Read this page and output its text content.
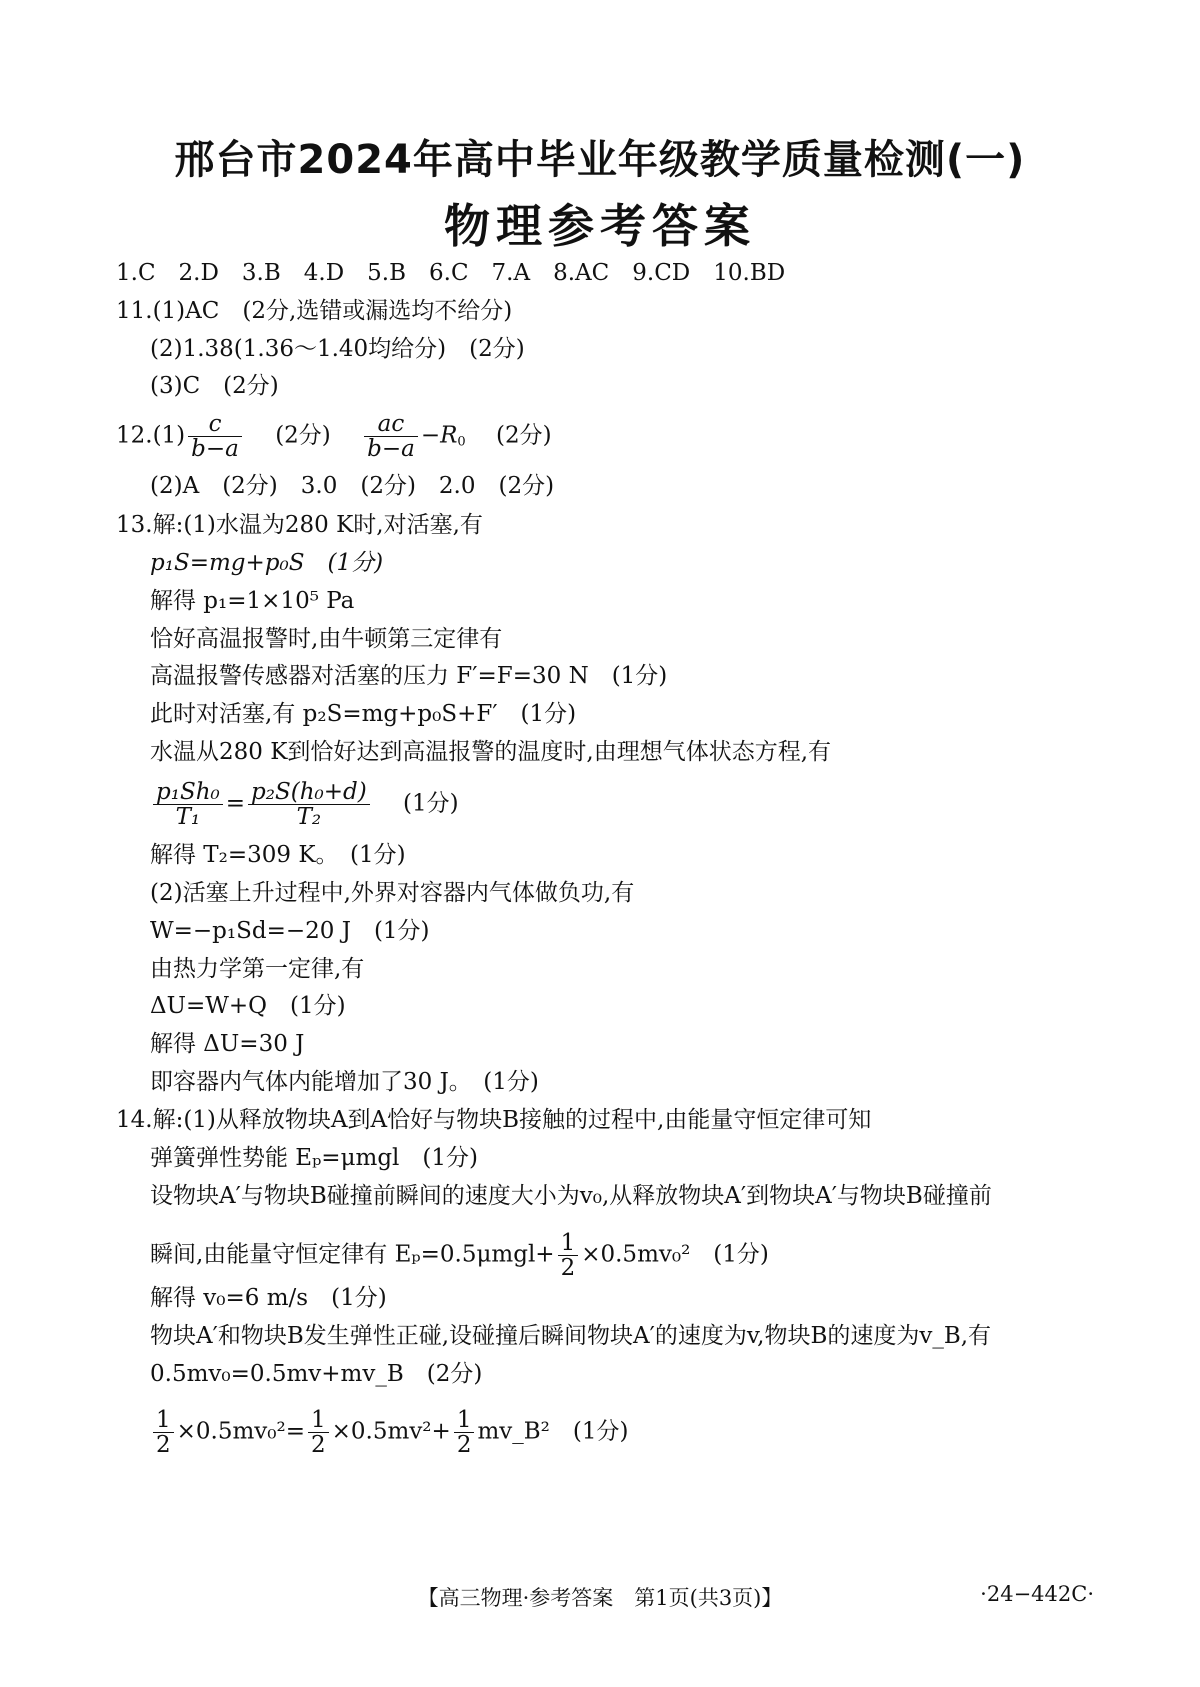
邢台市2024年高中毕业年级教学质量检测(一)
物理参考答案
1.C　2.D　3.B　4.D　5.B　6.C　7.A　8.AC　9.CD　10.BD
11.(1)AC　(2分,选错或漏选均不给分)
(2)1.38(1.36～1.40均给分)　(2分)
(3)C　(2分)
$12.(1) \frac{c}{b-a}$
　 (2分)　 $\frac{ac}{b-a} -R_0$ 　 (2分)
(2)A　(2分)　3.0　(2分)　2.0　(2分)
13.解:(1)水温为280 K时,对活塞,有
p₁S=mg+p₀S　(1分)
解得 p₁=1×10⁵ Pa
恰好高温报警时,由牛顿第三定律有
高温报警传感器对活塞的压力 F′=F=30 N　(1分)
此时对活塞,有 p₂S=mg+p₀S+F′　(1分)
水温从280 K到恰好达到高温报警的温度时,由理想气体状态方程,有
$\frac{\text{p₁Sh₀}}{\text{T₁}} = \frac{\text{p₂S(h₀+d)}}{\text{T₂}}$
　 (1分)
解得 T₂=309 K。　(1分)
(2)活塞上升过程中,外界对容器内气体做负功,有
W=−p₁Sd=−20 J　(1分)
由热力学第一定律,有
ΔU=W+Q　(1分)
解得 ΔU=30 J
即容器内气体内能增加了30 J。　(1分)
14.解:(1)从释放物块A到A恰好与物块B接触的过程中,由能量守恒定律可知
弹簧弹性势能 Eₚ=μmgl　(1分)
设物块A′与物块B碰撞前瞬间的速度大小为v₀,从释放物块A′到物块A′与物块B碰撞前
瞬间,由能量守恒定律有 $E_p=0.5\mu mgl+ \frac{1}{2} \times 0.5mv_0^2$　(1分)
解得 v₀=6 m/s　(1分)
物块A′和物块B发生弹性正碰,设碰撞后瞬间物块A′的速度为v,物块B的速度为v_B,有
0.5mv₀=0.5mv+mv_B　(2分)
$\frac{1}{2} \times 0.5mv_0^2= \frac{1}{2} \times 0.5mv^2+ \frac{1}{2}$ mv_B²　(1分)
【高三物理·参考答案　第1页(共3页)】	·24−442C·
